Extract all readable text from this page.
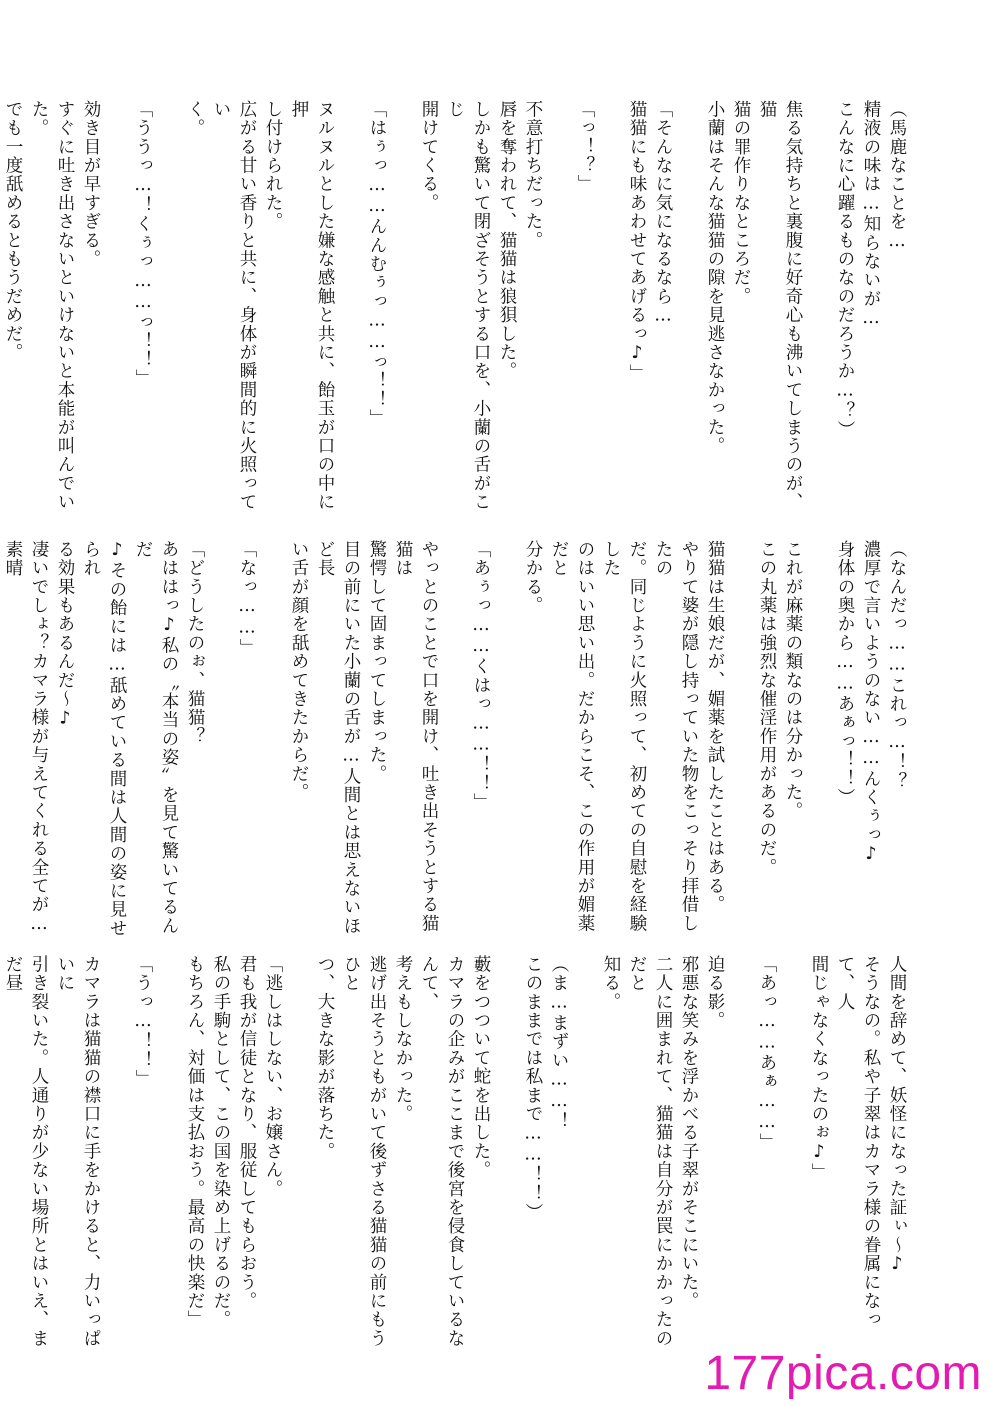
（馬鹿なことを…
精液の味は…知らないが…
こんなに心躍るものなのだろうか…？）

焦る気持ちと裏腹に好奇心も沸いてしまうのが、猫
猫の罪作りなところだ。
小蘭はそんな猫猫の隙を見逃さなかった。

「そんなに気になるなら…
猫猫にも味あわせてあげるっ♪」

「っ！？」

不意打ちだった。
唇を奪われて、猫猫は狼狽した。
しかも驚いて閉ざそうとする口を、小蘭の舌がこじ
開けてくる。

「はぅっ……んんむぅっ……っ！！」

ヌルヌルとした嫌な感触と共に、飴玉が口の中に押
し付けられた。
広がる甘い香りと共に、身体が瞬間的に火照ってい
く。

「ううっ…！くぅっ……っ！！」

効き目が早すぎる。
すぐに吐き出さないといけないと本能が叫んでいた。
でも一度舐めるともうだめだ。

（なんだっ……これっ…！？
濃厚で言いようのない……んくぅっ♪
身体の奥から……あぁっ！！）

これが麻薬の類なのは分かった。
この丸薬は強烈な催淫作用があるのだ。

猫猫は生娘だが、媚薬を試したことはある。
やりて婆が隠し持っていた物をこっそり拝借したの
だ。同じように火照って、初めての自慰を経験した
のはいい思い出。だからこそ、この作用が媚薬だと
分かる。

「あぅっ……くはっ……！！」

やっとのことで口を開け、吐き出そうとする猫猫は
驚愕して固まってしまった。
目の前にいた小蘭の舌が…人間とは思えないほど長
い舌が顔を舐めてきたからだ。

「なっ……」

「どうしたのぉ、猫猫？
あははっ♪私の〝本当の姿〟を見て驚いてるんだ
♪その飴には…舐めている間は人間の姿に見せられ
る効果もあるんだ〜♪
凄いでしょ？カマラ様が与えてくれる全てが…素晴

人間を辞めて、妖怪になった証ぃ〜♪
そうなの。私や子翠はカマラ様の眷属になって、人
間じゃなくなったのぉ♪」

「あっ……あぁ……」

迫る影。
邪悪な笑みを浮かべる子翠がそこにいた。
二人に囲まれて、猫猫は自分が罠にかかったのだと
知る。

（ま…まずい……！
このままでは私まで……！！）

藪をつついて蛇を出した。
カマラの企みがここまで後宮を侵食しているなんて、
考えもしなかった。
逃げ出そうともがいて後ずさる猫猫の前にもうひと
つ、大きな影が落ちた。

「逃しはしない、お嬢さん。
君も我が信徒となり、服従してもらおう。
私の手駒として、この国を染め上げるのだ。
もちろん、対価は支払おう。最高の快楽だ」

「うっ…！！」

カマラは猫猫の襟口に手をかけると、力いっぱいに
引き裂いた。人通りが少ない場所とはいえ、まだ昼

177pica.com
